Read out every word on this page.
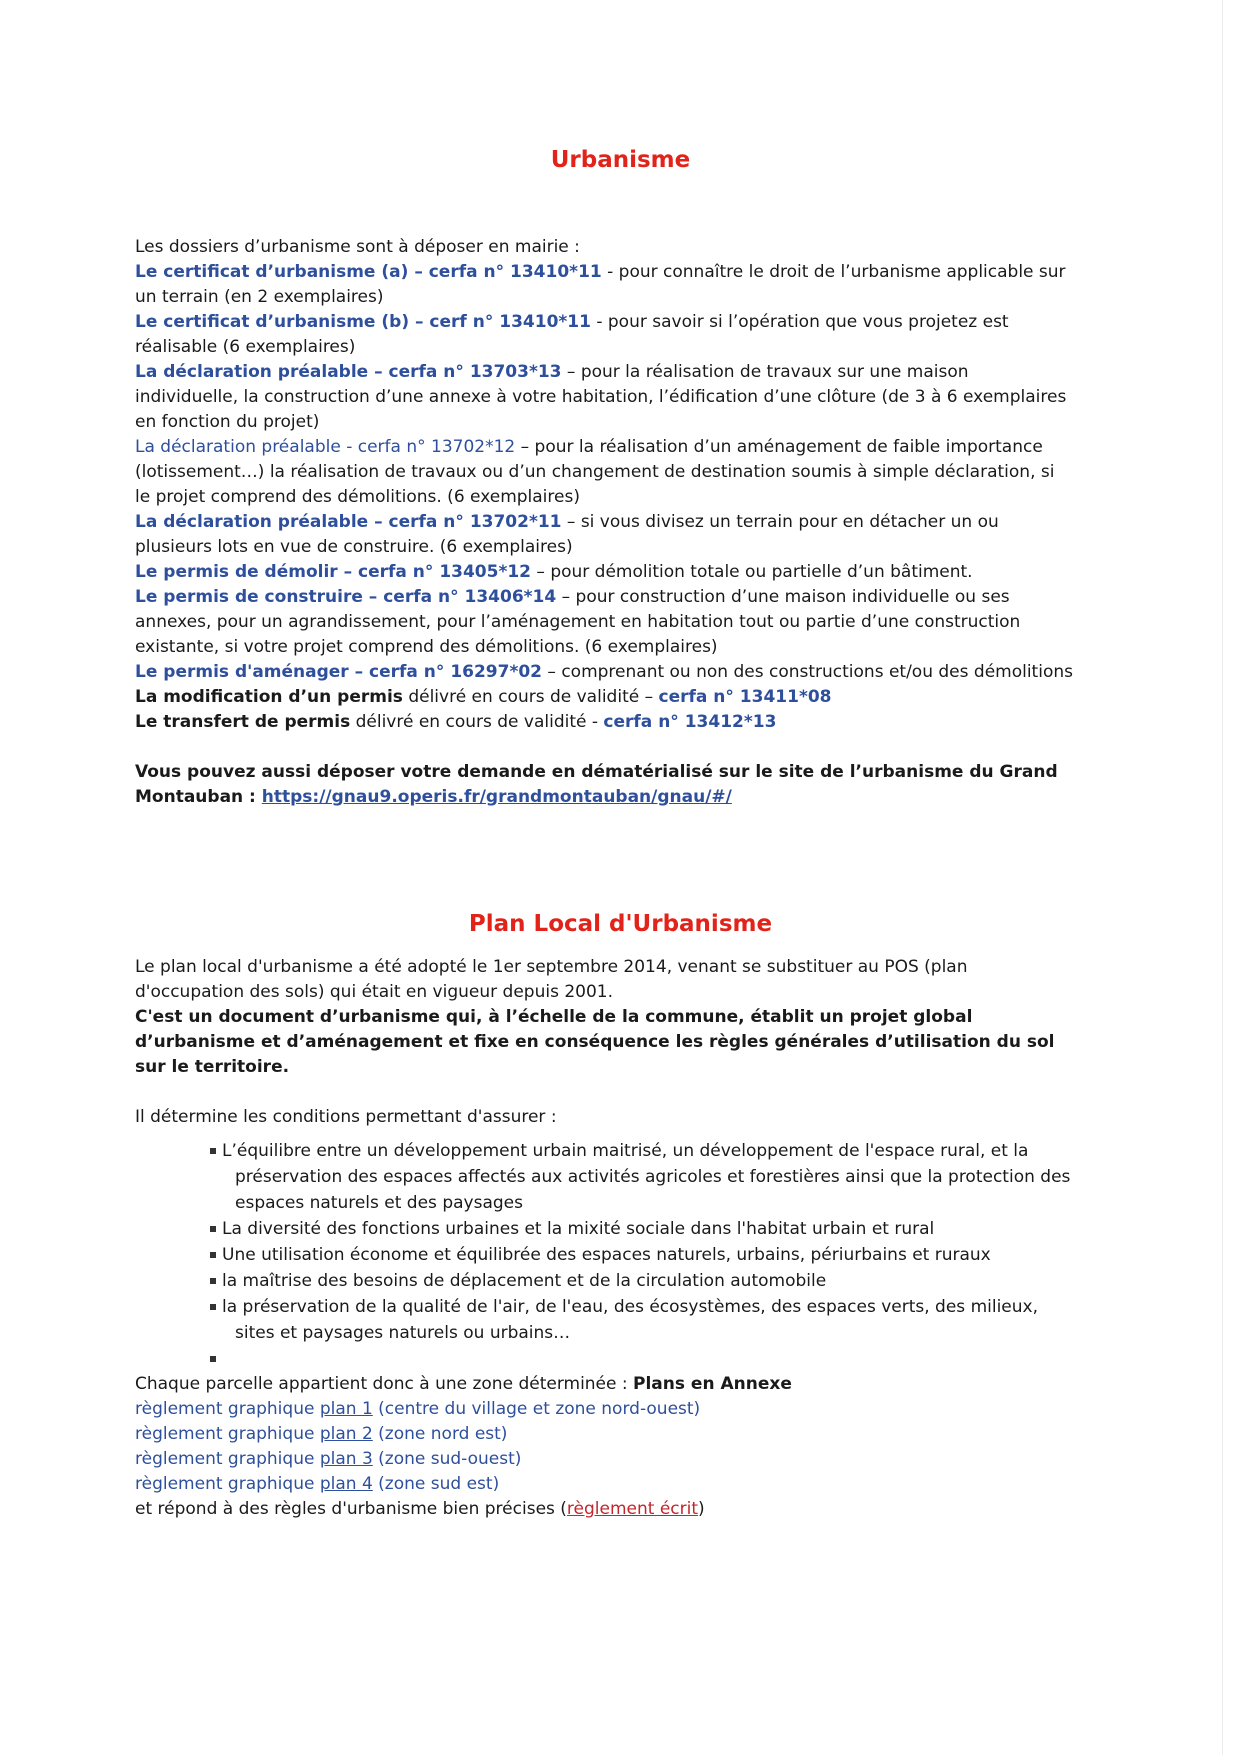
Urbanisme

Les dossiers d’urbanisme sont à déposer en mairie :

Le certificat d’urbanisme (a) – cerfa n° 13410*11 - pour connaître le droit de l’urbanisme applicable sur un terrain (en 2 exemplaires)

Le certificat d’urbanisme (b) – cerf n° 13410*11 - pour savoir si l’opération que vous projetez est réalisable (6 exemplaires)

La déclaration préalable – cerfa n° 13703*13 – pour la réalisation de travaux sur une maison individuelle, la construction d’une annexe à votre habitation, l’édification d’une clôture (de 3 à 6 exemplaires en fonction du projet)

La déclaration préalable - cerfa n° 13702*12 – pour la réalisation d’un aménagement de faible importance (lotissement…) la réalisation de travaux ou d’un changement de destination soumis à simple déclaration, si le projet comprend des démolitions. (6 exemplaires)

La déclaration préalable – cerfa n° 13702*11 – si vous divisez un terrain pour en détacher un ou plusieurs lots en vue de construire. (6 exemplaires)

Le permis de démolir – cerfa n° 13405*12 – pour démolition totale ou partielle d’un bâtiment.

Le permis de construire – cerfa n° 13406*14 – pour construction d’une maison individuelle ou ses annexes, pour un agrandissement, pour l’aménagement en habitation tout ou partie d’une construction existante, si votre projet comprend des démolitions. (6 exemplaires)

Le permis d'aménager – cerfa n° 16297*02 – comprenant ou non des constructions et/ou des démolitions

La modification d’un permis délivré en cours de validité – cerfa n° 13411*08

Le transfert de permis délivré en cours de validité - cerfa n° 13412*13

Vous pouvez aussi déposer votre demande en dématérialisé sur le site de l’urbanisme du Grand Montauban : https://gnau9.operis.fr/grandmontauban/gnau/#/

Plan Local d'Urbanisme

Le plan local d'urbanisme a été adopté le 1er septembre 2014, venant se substituer au POS (plan d'occupation des sols) qui était en vigueur depuis 2001.

C'est un document d’urbanisme qui, à l’échelle de la commune, établit un projet global d’urbanisme et d’aménagement et fixe en conséquence les règles générales d’utilisation du sol sur le territoire.

Il détermine les conditions permettant d'assurer :

L’équilibre entre un développement urbain maitrisé, un développement de l'espace rural, et la préservation des espaces affectés aux activités agricoles et forestières ainsi que la protection des espaces naturels et des paysages
La diversité des fonctions urbaines et la mixité sociale dans l'habitat urbain et rural
Une utilisation économe et équilibrée des espaces naturels, urbains, périurbains et ruraux
la maîtrise des besoins de déplacement et de la circulation automobile
la préservation de la qualité de l'air, de l'eau, des écosystèmes, des espaces verts, des milieux, sites et paysages naturels ou urbains…

Chaque parcelle appartient donc à une zone déterminée : Plans en Annexe

règlement graphique plan 1 (centre du village et zone nord-ouest)

règlement graphique plan 2 (zone nord est)

règlement graphique plan 3 (zone sud-ouest)

règlement graphique plan 4 (zone sud est)

et répond à des règles d'urbanisme bien précises (règlement écrit)
